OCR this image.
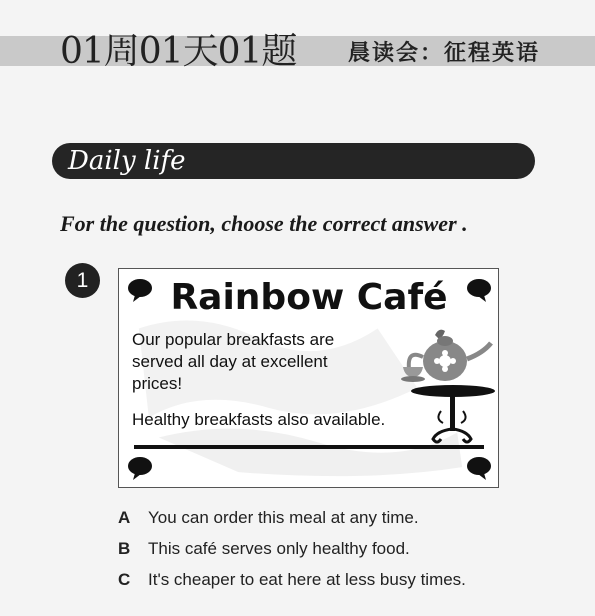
01周01天01题 晨读会：征程英语
Daily life
For the question, choose the correct answer .
1	Rainbow Café
Our popular breakfasts are served all day at excellent prices!
Healthy breakfasts also available.
A You can order this meal at any time.
B This café serves only healthy food.
C It's cheaper to eat here at less busy times.
